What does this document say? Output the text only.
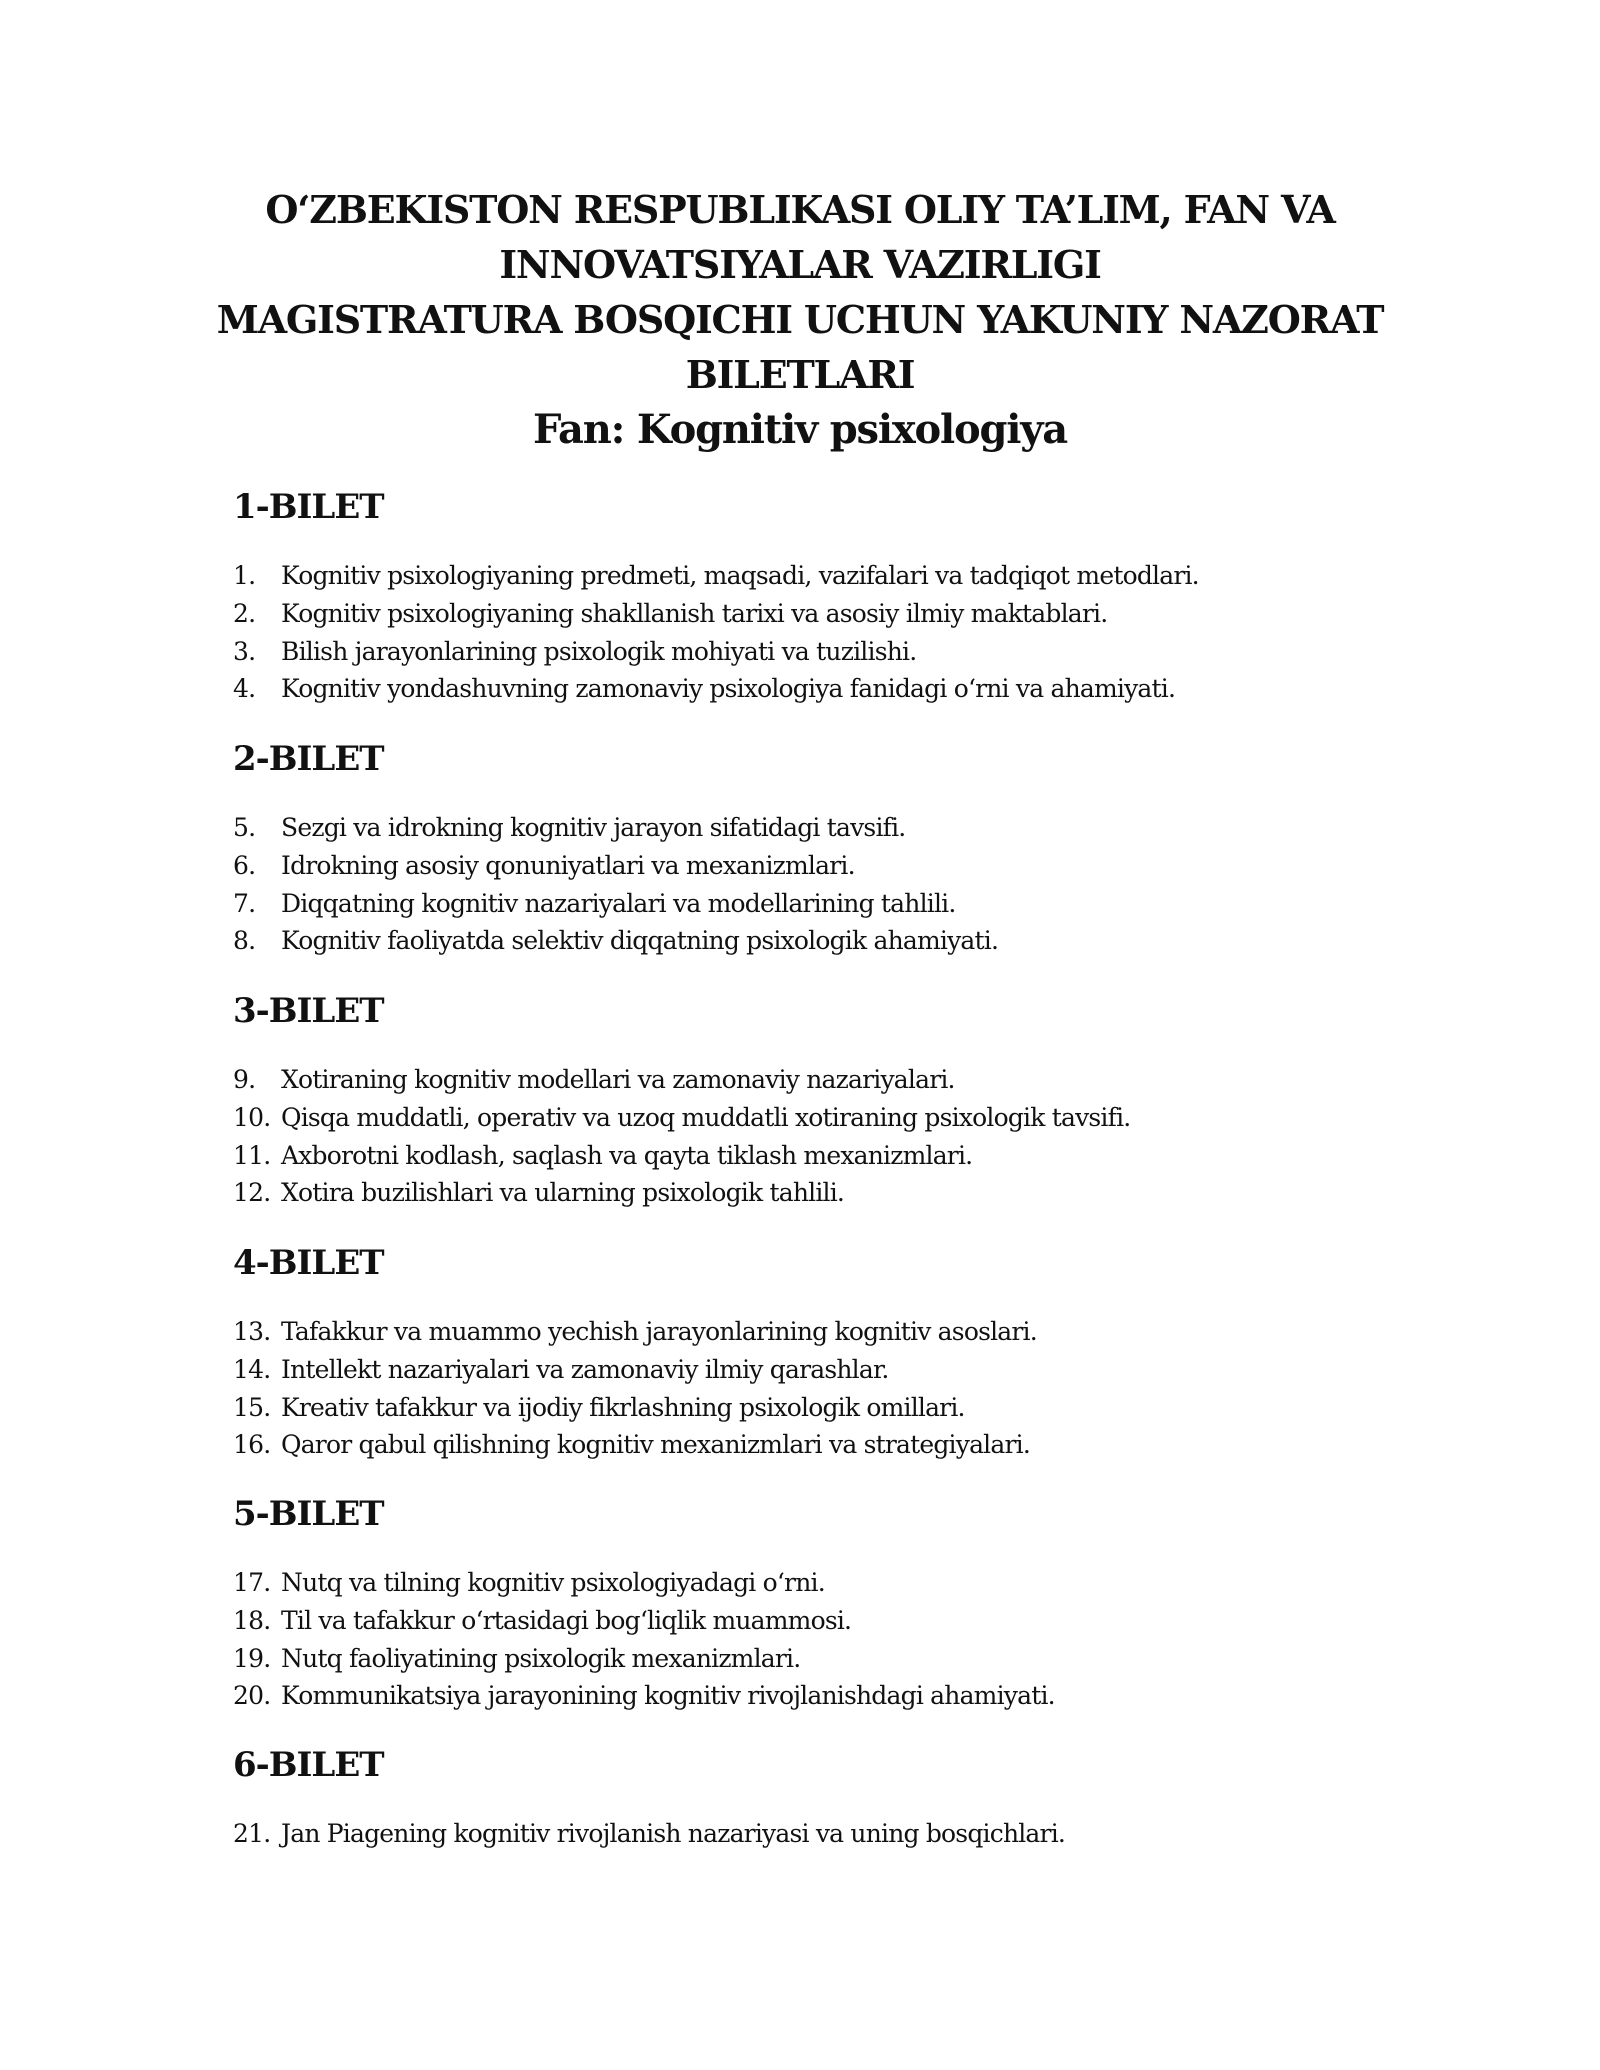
O‘ZBEKISTON RESPUBLIKASI OLIY TA’LIM, FAN VA
INNOVATSIYALAR VAZIRLIGI
MAGISTRATURA BOSQICHI UCHUN YAKUNIY NAZORAT
BILETLARI
Fan: Kognitiv psixologiya
1-BILET
1.	Kognitiv psixologiyaning predmeti, maqsadi, vazifalari va tadqiqot metodlari.
2.	Kognitiv psixologiyaning shakllanish tarixi va asosiy ilmiy maktablari.
3.	Bilish jarayonlarining psixologik mohiyati va tuzilishi.
4.	Kognitiv yondashuvning zamonaviy psixologiya fanidagi o‘rni va ahamiyati.
2-BILET
5.	Sezgi va idrokning kognitiv jarayon sifatidagi tavsifi.
6.	Idrokning asosiy qonuniyatlari va mexanizmlari.
7.	Diqqatning kognitiv nazariyalari va modellarining tahlili.
8.	Kognitiv faoliyatda selektiv diqqatning psixologik ahamiyati.
3-BILET
9.	Xotiraning kognitiv modellari va zamonaviy nazariyalari.
10. Qisqa muddatli, operativ va uzoq muddatli xotiraning psixologik tavsifi.
11. Axborotni kodlash, saqlash va qayta tiklash mexanizmlari.
12. Xotira buzilishlari va ularning psixologik tahlili.
4-BILET
13. Tafakkur va muammo yechish jarayonlarining kognitiv asoslari.
14. Intellekt nazariyalari va zamonaviy ilmiy qarashlar.
15. Kreativ tafakkur va ijodiy fikrlashning psixologik omillari.
16. Qaror qabul qilishning kognitiv mexanizmlari va strategiyalari.
5-BILET
17. Nutq va tilning kognitiv psixologiyadagi o‘rni.
18. Til va tafakkur o‘rtasidagi bog‘liqlik muammosi.
19. Nutq faoliyatining psixologik mexanizmlari.
20. Kommunikatsiya jarayonining kognitiv rivojlanishdagi ahamiyati.
6-BILET
21. Jan Piagening kognitiv rivojlanish nazariyasi va uning bosqichlari.
